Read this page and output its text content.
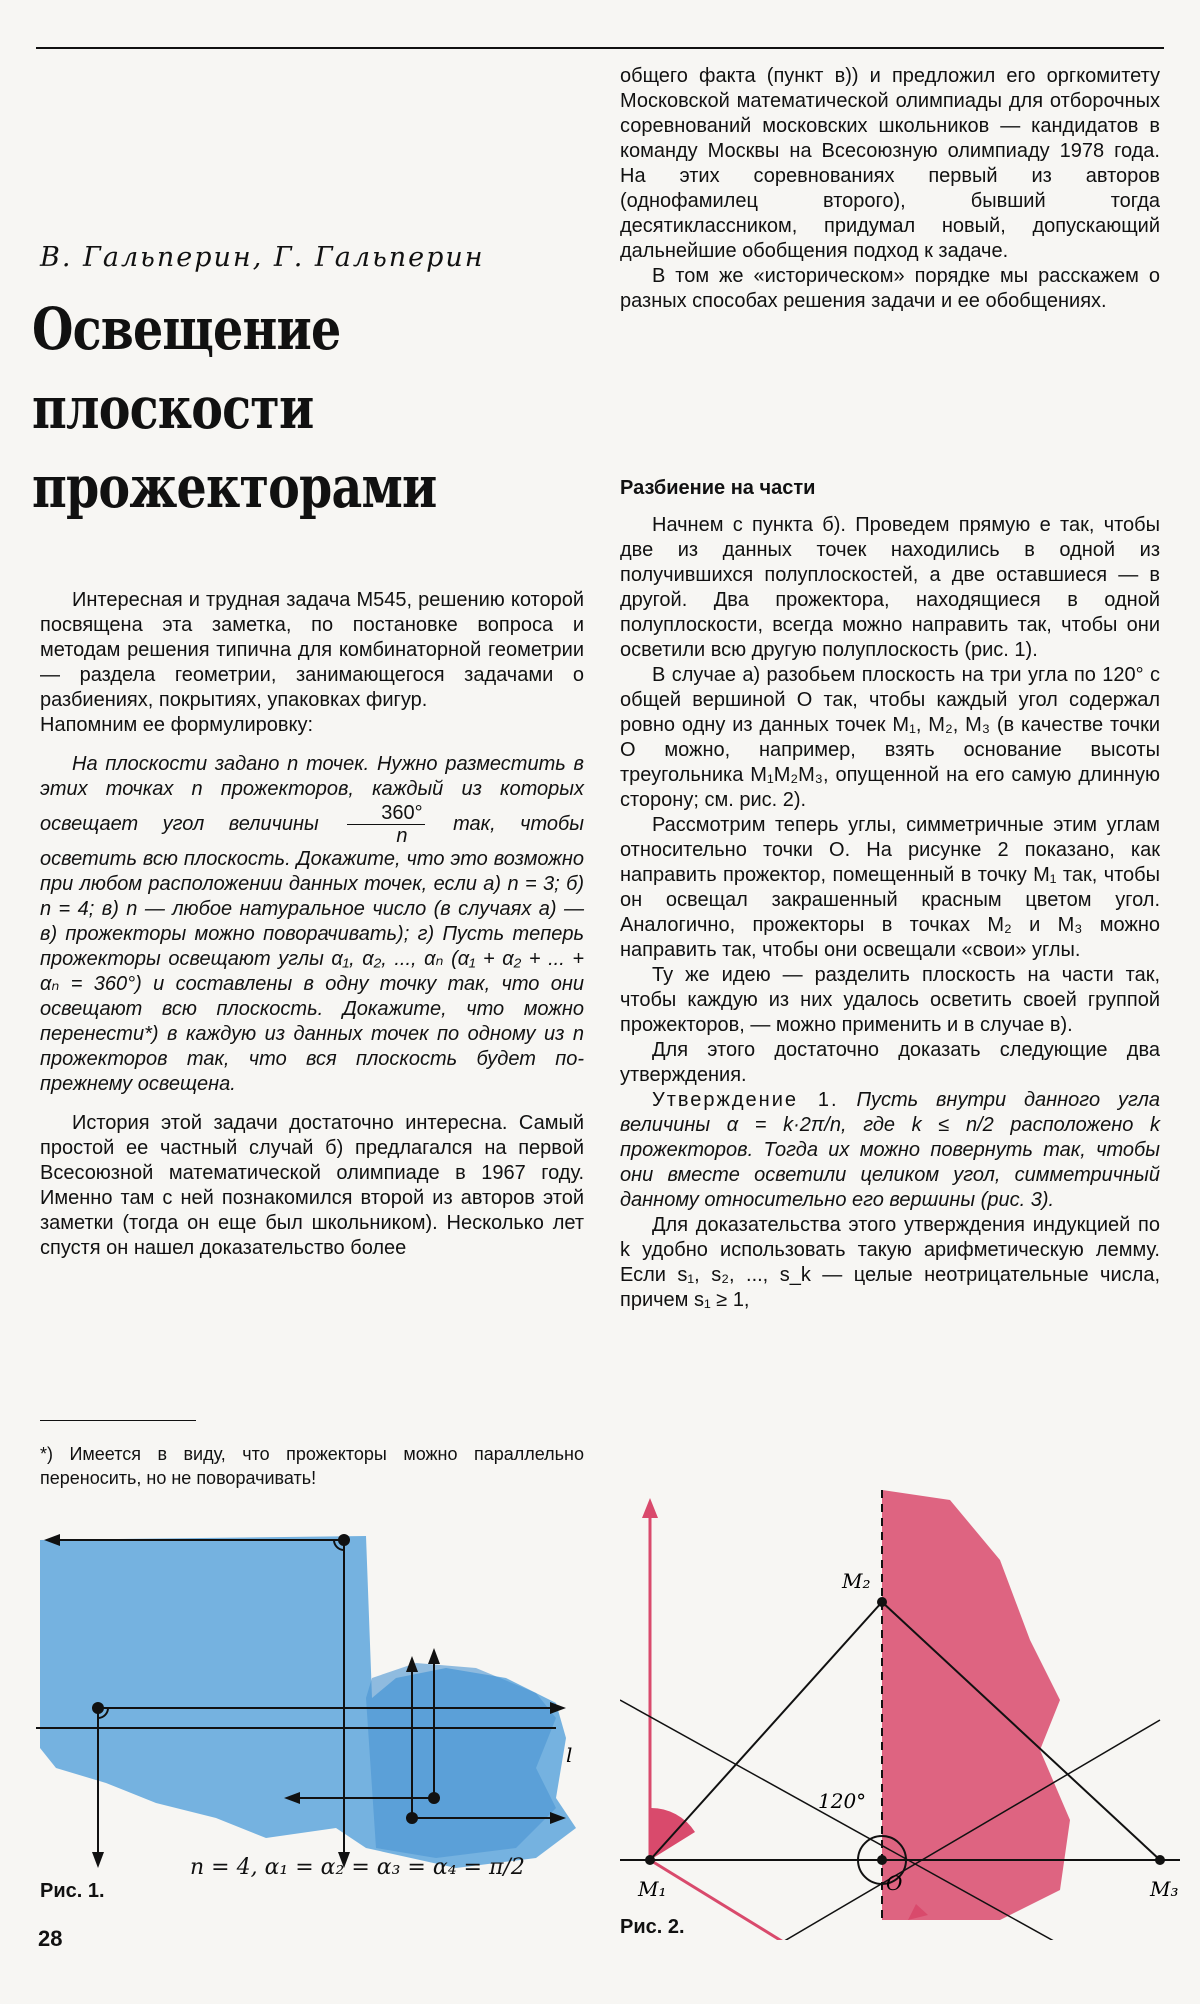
В. Гальперин, Г. Гальперин
Освещение
плоскости
прожекторами

Интересная и трудная задача М545, решению которой посвящена эта заметка, по постановке вопроса и методам решения типична для комбинаторной геометрии — раздела геометрии, занимающегося задачами о разбиениях, покрытиях, упаковках фигур.

Напомним ее формулировку:

На плоскости задано n точек. Нужно разместить в этих точках n прожекторов, каждый из которых освещает угол величины $\frac{360^\circ}{n}$ так, чтобы осветить всю плоскость. Докажите, что это возможно при любом расположении данных точек, если а) n = 3; б) n = 4; в) n — любое натуральное число (в случаях а) — в) прожекторы можно поворачивать); г) Пусть теперь прожекторы освещают углы α₁, α₂, ..., αₙ (α₁ + α₂ + ... + αₙ = 360°) и составлены в одну точку так, что они освещают всю плоскость. Докажите, что можно перенести*) в каждую из данных точек по одному из n прожекторов так, что вся плоскость будет по-прежнему освещена.

История этой задачи достаточно интересна. Самый простой ее частный случай б) предлагался на первой Всесоюзной математической олимпиаде в 1967 году. Именно там с ней познакомился второй из авторов этой заметки (тогда он еще был школьником). Несколько лет спустя он нашел доказательство более

*) Имеется в виду, что прожекторы можно параллельно переносить, но не поворачивать!

общего факта (пункт в)) и предложил его оргкомитету Московской математической олимпиады для отборочных соревнований московских школьников — кандидатов в команду Москвы на Всесоюзную олимпиаду 1978 года. На этих соревнованиях первый из авторов (однофамилец второго), бывший тогда десятиклассником, придумал новый, допускающий дальнейшие обобщения подход к задаче.

В том же «историческом» порядке мы расскажем о разных способах решения задачи и ее обобщениях.

Разбиение на части

Начнем с пункта б). Проведем прямую e так, чтобы две из данных точек находились в одной из получившихся полуплоскостей, а две оставшиеся — в другой. Два прожектора, находящиеся в одной полуплоскости, всегда можно направить так, чтобы они осветили всю другую полуплоскость (рис. 1).

В случае а) разобьем плоскость на три угла по 120° с общей вершиной O так, чтобы каждый угол содержал ровно одну из данных точек M₁, M₂, M₃ (в качестве точки O можно, например, взять основание высоты треугольника M₁M₂M₃, опущенной на его самую длинную сторону; см. рис. 2).

Рассмотрим теперь углы, симметричные этим углам относительно точки O. На рисунке 2 показано, как направить прожектор, помещенный в точку M₁ так, чтобы он освещал закрашенный красным цветом угол. Аналогично, прожекторы в точках M₂ и M₃ можно направить так, чтобы они освещали «свои» углы.

Ту же идею — разделить плоскость на части так, чтобы каждую из них удалось осветить своей группой прожекторов, — можно применить и в случае в).

Для этого достаточно доказать следующие два утверждения.

Утверждение 1. Пусть внутри данного угла величины α = k·2π/n, где k ≤ n/2 расположено k прожекторов. Тогда их можно повернуть так, чтобы они вместе осветили целиком угол, симметричный данному относительно его вершины (рис. 3).

Для доказательства этого утверждения индукцией по k удобно использовать такую арифметическую лемму. Если s₁, s₂, ..., s_k — целые неотрицательные числа, причем s₁ ≥ 1,

l
Рис. 1.
n = 4, α₁ = α₂ = α₃ = α₄ = π/2
M₁
M₂
M₃
O
120°
Рис. 2.
28
